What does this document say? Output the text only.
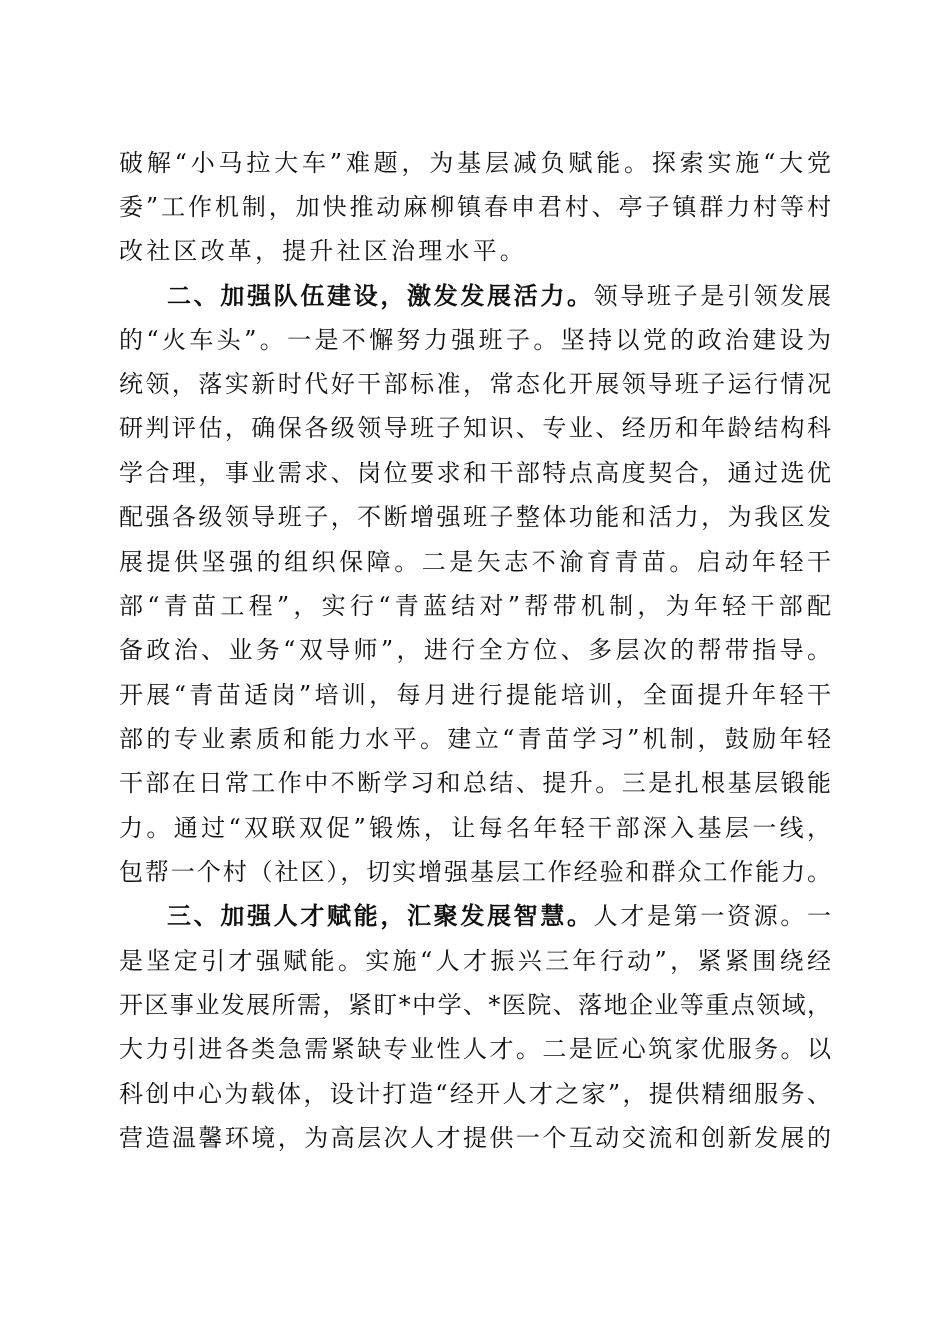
破解“小马拉大车”难题，为基层减负赋能。探索实施“大党
委”工作机制，加快推动麻柳镇春申君村、亭子镇群力村等村
改社区改革，提升社区治理水平。
二、加强队伍建设，激发发展活力。领导班子是引领发展
的“火车头”。一是不懈努力强班子。坚持以党的政治建设为
统领，落实新时代好干部标准，常态化开展领导班子运行情况
研判评估，确保各级领导班子知识、专业、经历和年龄结构科
学合理，事业需求、岗位要求和干部特点高度契合，通过选优
配强各级领导班子，不断增强班子整体功能和活力，为我区发
展提供坚强的组织保障。二是矢志不渝育青苗。启动年轻干
部“青苗工程”，实行“青蓝结对”帮带机制，为年轻干部配
备政治、业务“双导师”，进行全方位、多层次的帮带指导。
开展“青苗适岗”培训，每月进行提能培训，全面提升年轻干
部的专业素质和能力水平。建立“青苗学习”机制，鼓励年轻
干部在日常工作中不断学习和总结、提升。三是扎根基层锻能
力。通过“双联双促”锻炼，让每名年轻干部深入基层一线，
包帮一个村（社区），切实增强基层工作经验和群众工作能力。
三、加强人才赋能，汇聚发展智慧。人才是第一资源。一
是坚定引才强赋能。实施“人才振兴三年行动”，紧紧围绕经
开区事业发展所需，紧盯*中学、*医院、落地企业等重点领域，
大力引进各类急需紧缺专业性人才。二是匠心筑家优服务。以
科创中心为载体，设计打造“经开人才之家”，提供精细服务、
营造温馨环境，为高层次人才提供一个互动交流和创新发展的
